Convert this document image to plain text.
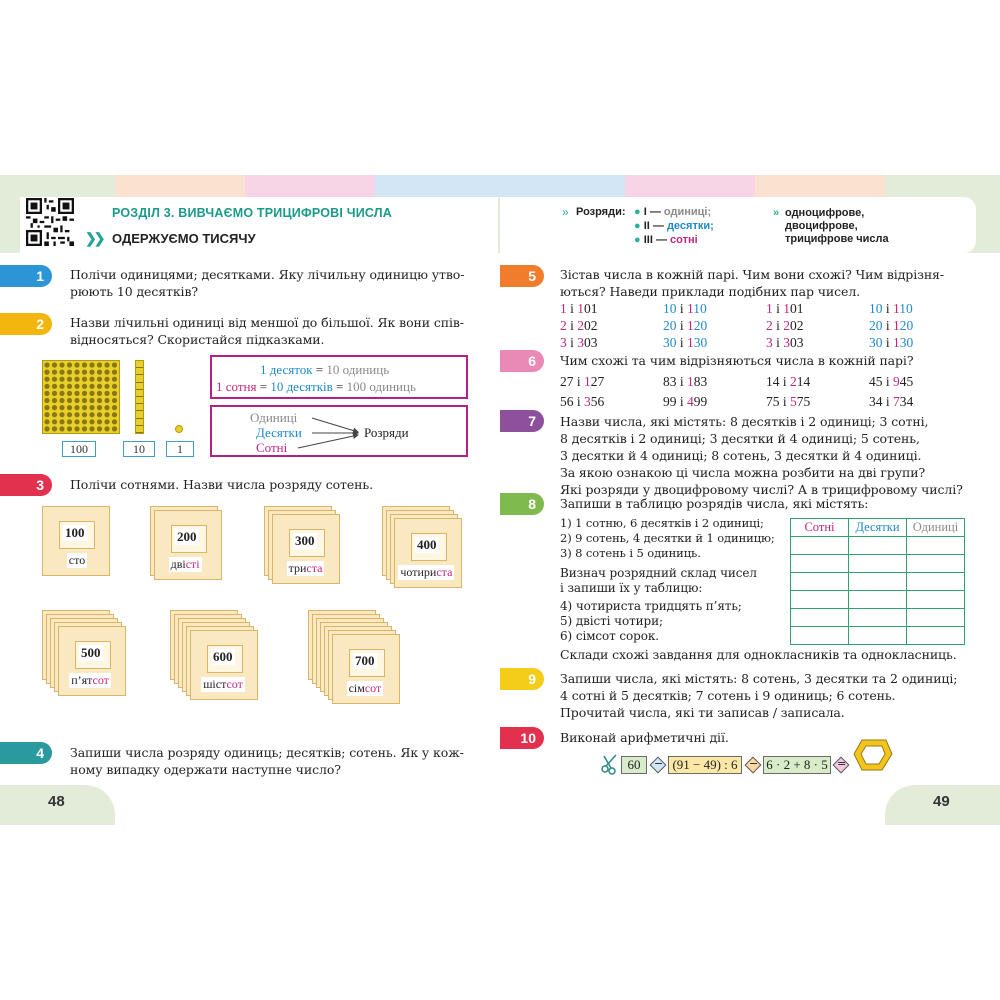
РОЗДІЛ 3. ВИВЧАЄМО ТРИЦИФРОВІ ЧИСЛА
❯❯ ОДЕРЖУЄМО ТИСЯЧУ
» Розряди: ● І — одиниці;
● ІІ — десятки;
● ІІІ — сотні
» одноцифрове,
двоцифрове,
трицифрове числа
1	Полічи одиницями; десятками. Яку лічильну одиницю утво-
рюють 10 десятків?
2	Назви лічильні одиниці від меншої до більшої. Як вони спів-
відносяться? Скористайся підказками.
100	10	1
1 десяток = 10 одиниць
1 сотня = 10 десятків = 100 одиниць
Одиниці
Десятки
Сотні
Розряди
3	Полічи сотнями. Назви числа розряду сотень.
100
сто
200
двісті
300
триста
400
чотириста
500
п’ятсот
600
шістсот
700
сімсот
4	Запиши числа розряду одиниць; десятків; сотень. Як у кож-
ному випадку одержати наступне число?
5	Зістав числа в кожній парі. Чим вони схожі? Чим відрізня-
ються? Наведи приклади подібних пар чисел.
1 і 101	10 і 110	1 і 101	10 і 110
2 і 202	20 і 120	2 і 202	20 і 120
3 і 303	30 і 130	3 і 303	30 і 130
6	Чим схожі та чим відрізняються числа в кожній парі?
27 і 127	83 і 183	14 і 214	45 і 945
56 і 356	99 і 499	75 і 575	34 і 734
7	Назви числа, які містять: 8 десятків і 2 одиниці; 3 сотні,
8 десятків і 2 одиниці; 3 десятки й 4 одиниці; 5 сотень,
3 десятки й 4 одиниці; 8 сотень, 3 десятки й 4 одиниці.
За якою ознакою ці числа можна розбити на дві групи?
Які розряди у двоцифровому числі? А в трицифровому числі?
8	Запиши в таблицю розрядів числа, які містять:
1) 1 сотню, 6 десятків і 2 одиниці;
2) 9 сотень, 4 десятки й 1 одиницю;
3) 8 сотень і 5 одиниць.
Визнач розрядний склад чисел
і запиши їх у таблицю:
4) чотириста тридцять п’ять;
5) двісті чотири;
6) сімсот сорок.
Сотні	Десятки	Одиниці

Склади схожі завдання для однокласників та однокласниць.
9	Запиши числа, які містять: 8 сотень, 3 десятки та 2 одиниці;
4 сотні й 5 десятків; 7 сотень і 9 одиниць; 6 сотень.
Прочитай числа, які ти записав / записала.
10	Виконай арифметичні дії.
60	− (91 − 49) : 6	− 6 · 2 + 8 · 5 =
48	49
